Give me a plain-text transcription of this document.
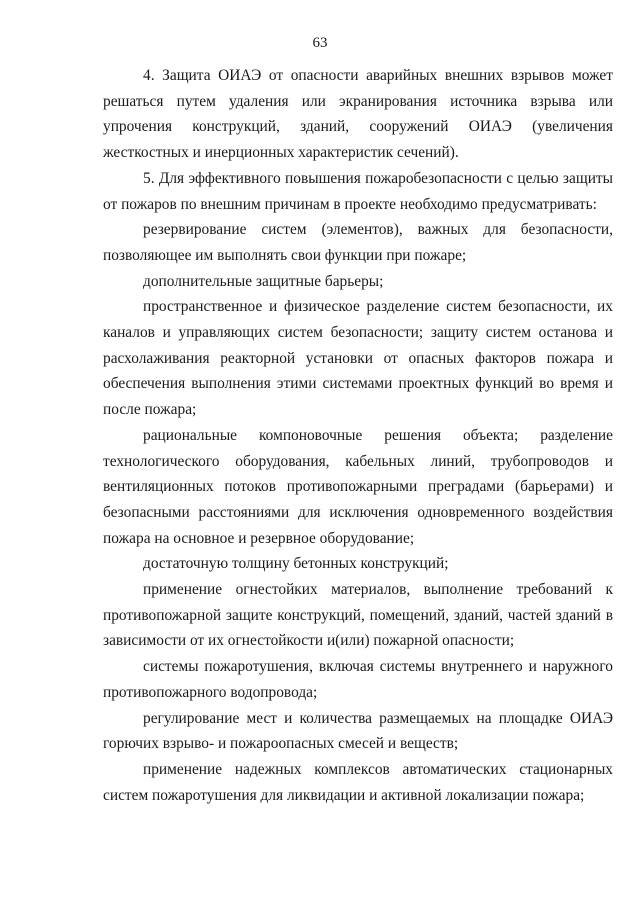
63

4. Защита ОИАЭ от опасности аварийных внешних взрывов может решаться путем удаления или экранирования источника взрыва или упрочения конструкций, зданий, сооружений ОИАЭ (увеличения жесткостных и инерционных характеристик сечений).

5. Для эффективного повышения пожаробезопасности с целью защиты от пожаров по внешним причинам в проекте необходимо предусматривать:

резервирование систем (элементов), важных для безопасности, позволяющее им выполнять свои функции при пожаре;

дополнительные защитные барьеры;

пространственное и физическое разделение систем безопасности, их каналов и управляющих систем безопасности; защиту систем останова и расхолаживания реакторной установки от опасных факторов пожара и обеспечения выполнения этими системами проектных функций во время и после пожара;

рациональные компоновочные решения объекта; разделение технологического оборудования, кабельных линий, трубопроводов и вентиляционных потоков противопожарными преградами (барьерами) и безопасными расстояниями для исключения одновременного воздействия пожара на основное и резервное оборудование;

достаточную толщину бетонных конструкций;

применение огнестойких материалов, выполнение требований к противопожарной защите конструкций, помещений, зданий, частей зданий в зависимости от их огнестойкости и(или) пожарной опасности;

системы пожаротушения, включая системы внутреннего и наружного противопожарного водопровода;

регулирование мест и количества размещаемых на площадке ОИАЭ горючих взрыво- и пожароопасных смесей и веществ;

применение надежных комплексов автоматических стационарных систем пожаротушения для ликвидации и активной локализации пожара;
